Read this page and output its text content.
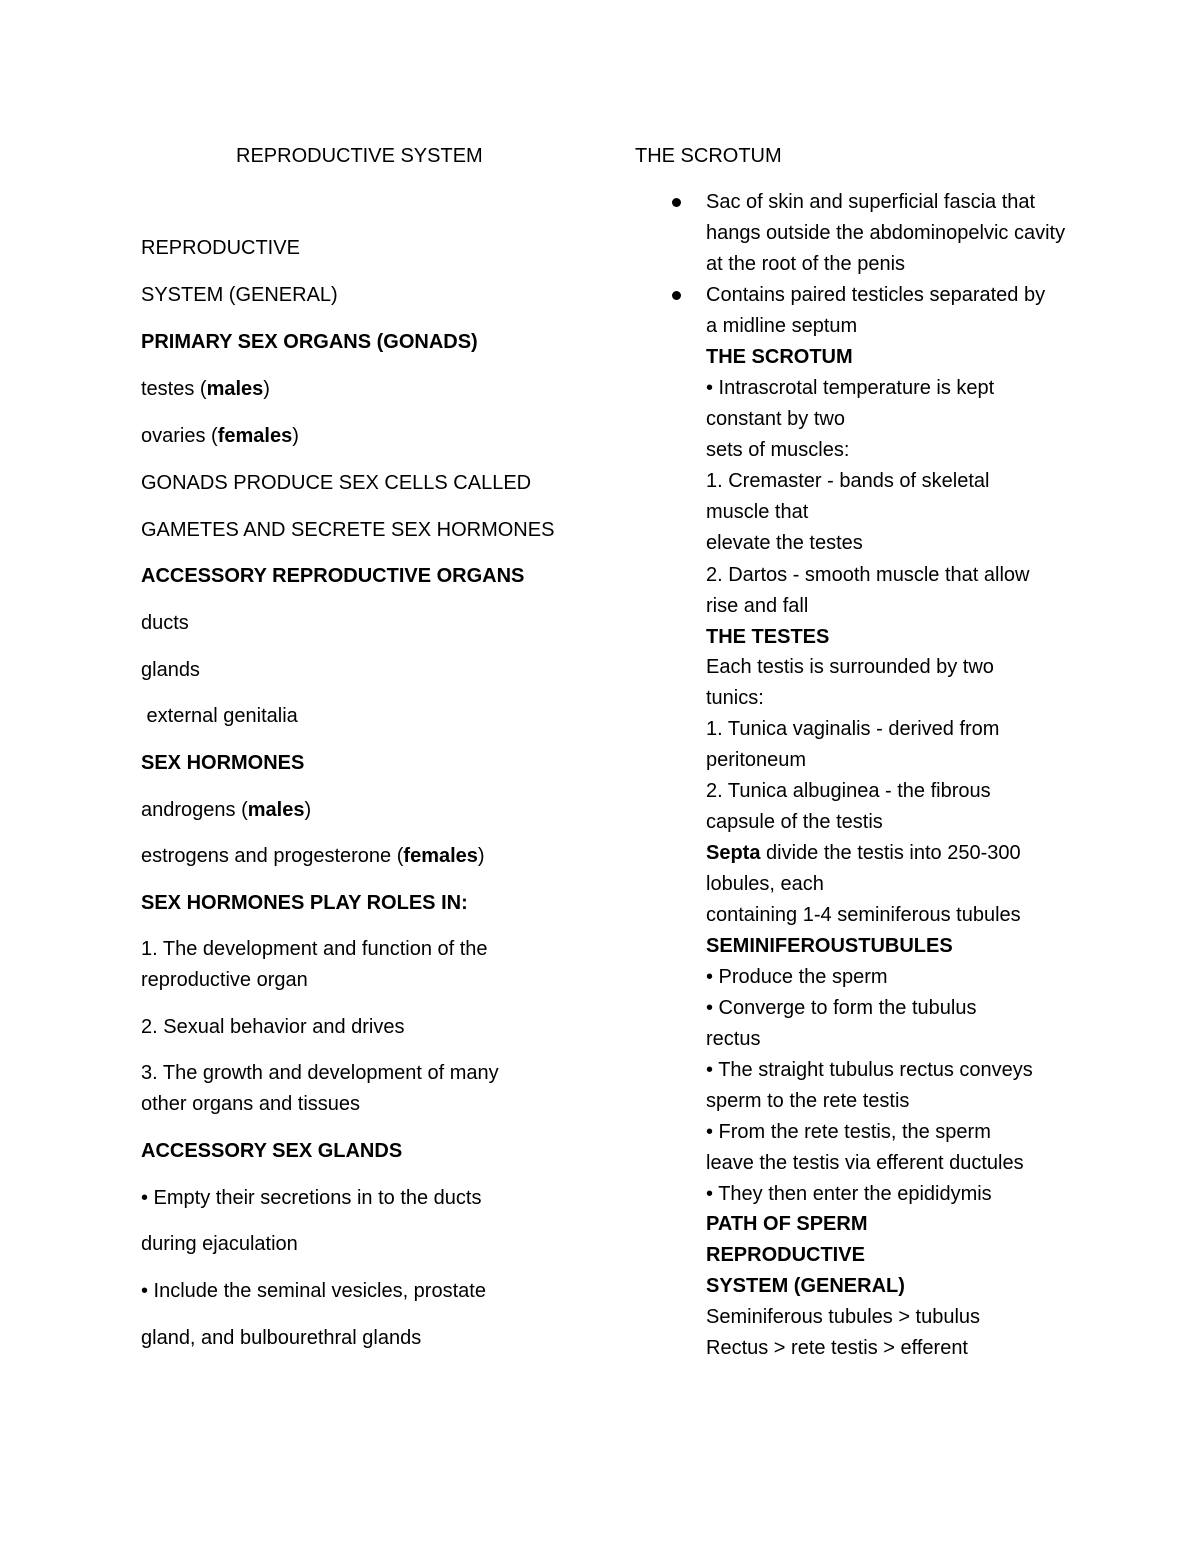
REPRODUCTIVE SYSTEM
REPRODUCTIVE
SYSTEM (GENERAL)
PRIMARY SEX ORGANS (GONADS)
testes (males)
ovaries (females)
GONADS PRODUCE SEX CELLS CALLED
GAMETES AND SECRETE SEX HORMONES
ACCESSORY REPRODUCTIVE ORGANS
ducts
glands
external genitalia
SEX HORMONES
androgens (males)
estrogens and progesterone (females)
SEX HORMONES PLAY ROLES IN:
1. The development and function of the reproductive organ
2. Sexual behavior and drives
3. The growth and development of many other organs and tissues
ACCESSORY SEX GLANDS
• Empty their secretions in to the ducts
during ejaculation
• Include the seminal vesicles, prostate
gland, and bulbourethral glands
THE SCROTUM
Sac of skin and superficial fascia that hangs outside the abdominopelvic cavity at the root of the penis
Contains paired testicles separated by a midline septum
THE SCROTUM
• Intrascrotal temperature is kept
constant by two
sets of muscles:
1. Cremaster - bands of skeletal
muscle that
elevate the testes
2. Dartos - smooth muscle that allow
rise and fall
THE TESTES
Each testis is surrounded by two
tunics:
1. Tunica vaginalis - derived from
peritoneum
2. Tunica albuginea - the fibrous
capsule of the testis
Septa divide the testis into 250-300
lobules, each
containing 1-4 seminiferous tubules
SEMINIFEROUSTUBULES
• Produce the sperm
• Converge to form the tubulus
rectus
• The straight tubulus rectus conveys
sperm to the rete testis
• From the rete testis, the sperm
leave the testis via efferent ductules
• They then enter the epididymis
PATH OF SPERM
REPRODUCTIVE
SYSTEM (GENERAL)
Seminiferous tubules > tubulus
Rectus > rete testis > efferent
